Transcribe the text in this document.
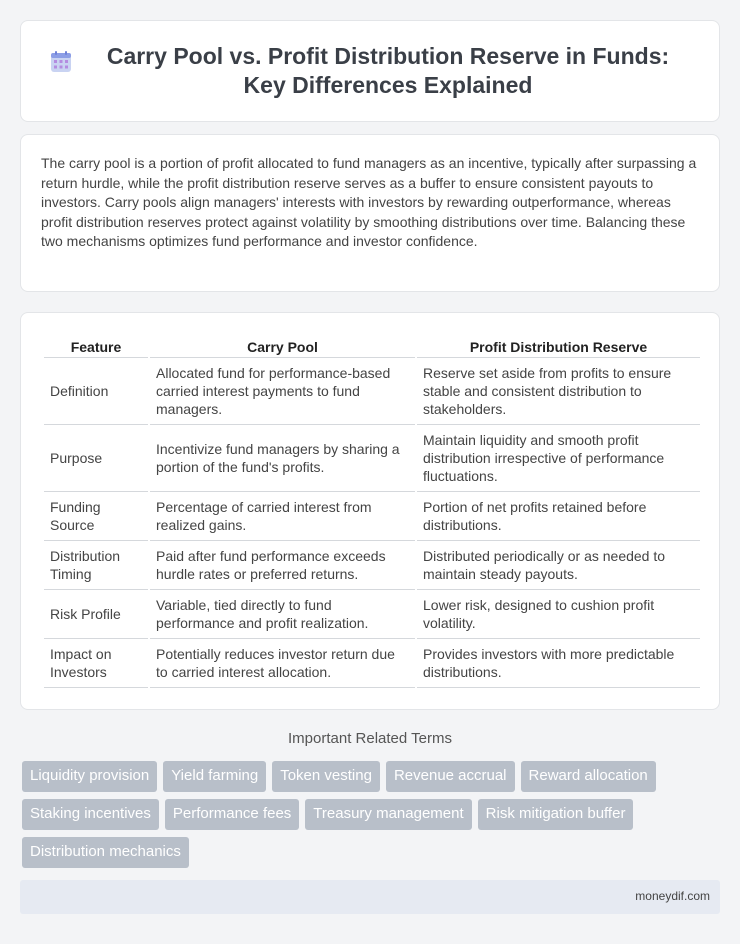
Carry Pool vs. Profit Distribution Reserve in Funds: Key Differences Explained

The carry pool is a portion of profit allocated to fund managers as an incentive, typically after surpassing a return hurdle, while the profit distribution reserve serves as a buffer to ensure consistent payouts to investors. Carry pools align managers' interests with investors by rewarding outperformance, whereas profit distribution reserves protect against volatility by smoothing distributions over time. Balancing these two mechanisms optimizes fund performance and investor confidence.

Feature	Carry Pool	Profit Distribution Reserve
Definition	Allocated fund for performance-based carried interest payments to fund managers.	Reserve set aside from profits to ensure stable and consistent distribution to stakeholders.
Purpose	Incentivize fund managers by sharing a portion of the fund's profits.	Maintain liquidity and smooth profit distribution irrespective of performance fluctuations.
Funding Source	Percentage of carried interest from realized gains.	Portion of net profits retained before distributions.
Distribution Timing	Paid after fund performance exceeds hurdle rates or preferred returns.	Distributed periodically or as needed to maintain steady payouts.
Risk Profile	Variable, tied directly to fund performance and profit realization.	Lower risk, designed to cushion profit volatility.
Impact on Investors	Potentially reduces investor return due to carried interest allocation.	Provides investors with more predictable distributions.
Important Related Terms
Liquidity provision	Yield farming	Token vesting	Revenue accrual	Reward allocation
Staking incentives	Performance fees	Treasury management	Risk mitigation buffer
Distribution mechanics
moneydif.com
